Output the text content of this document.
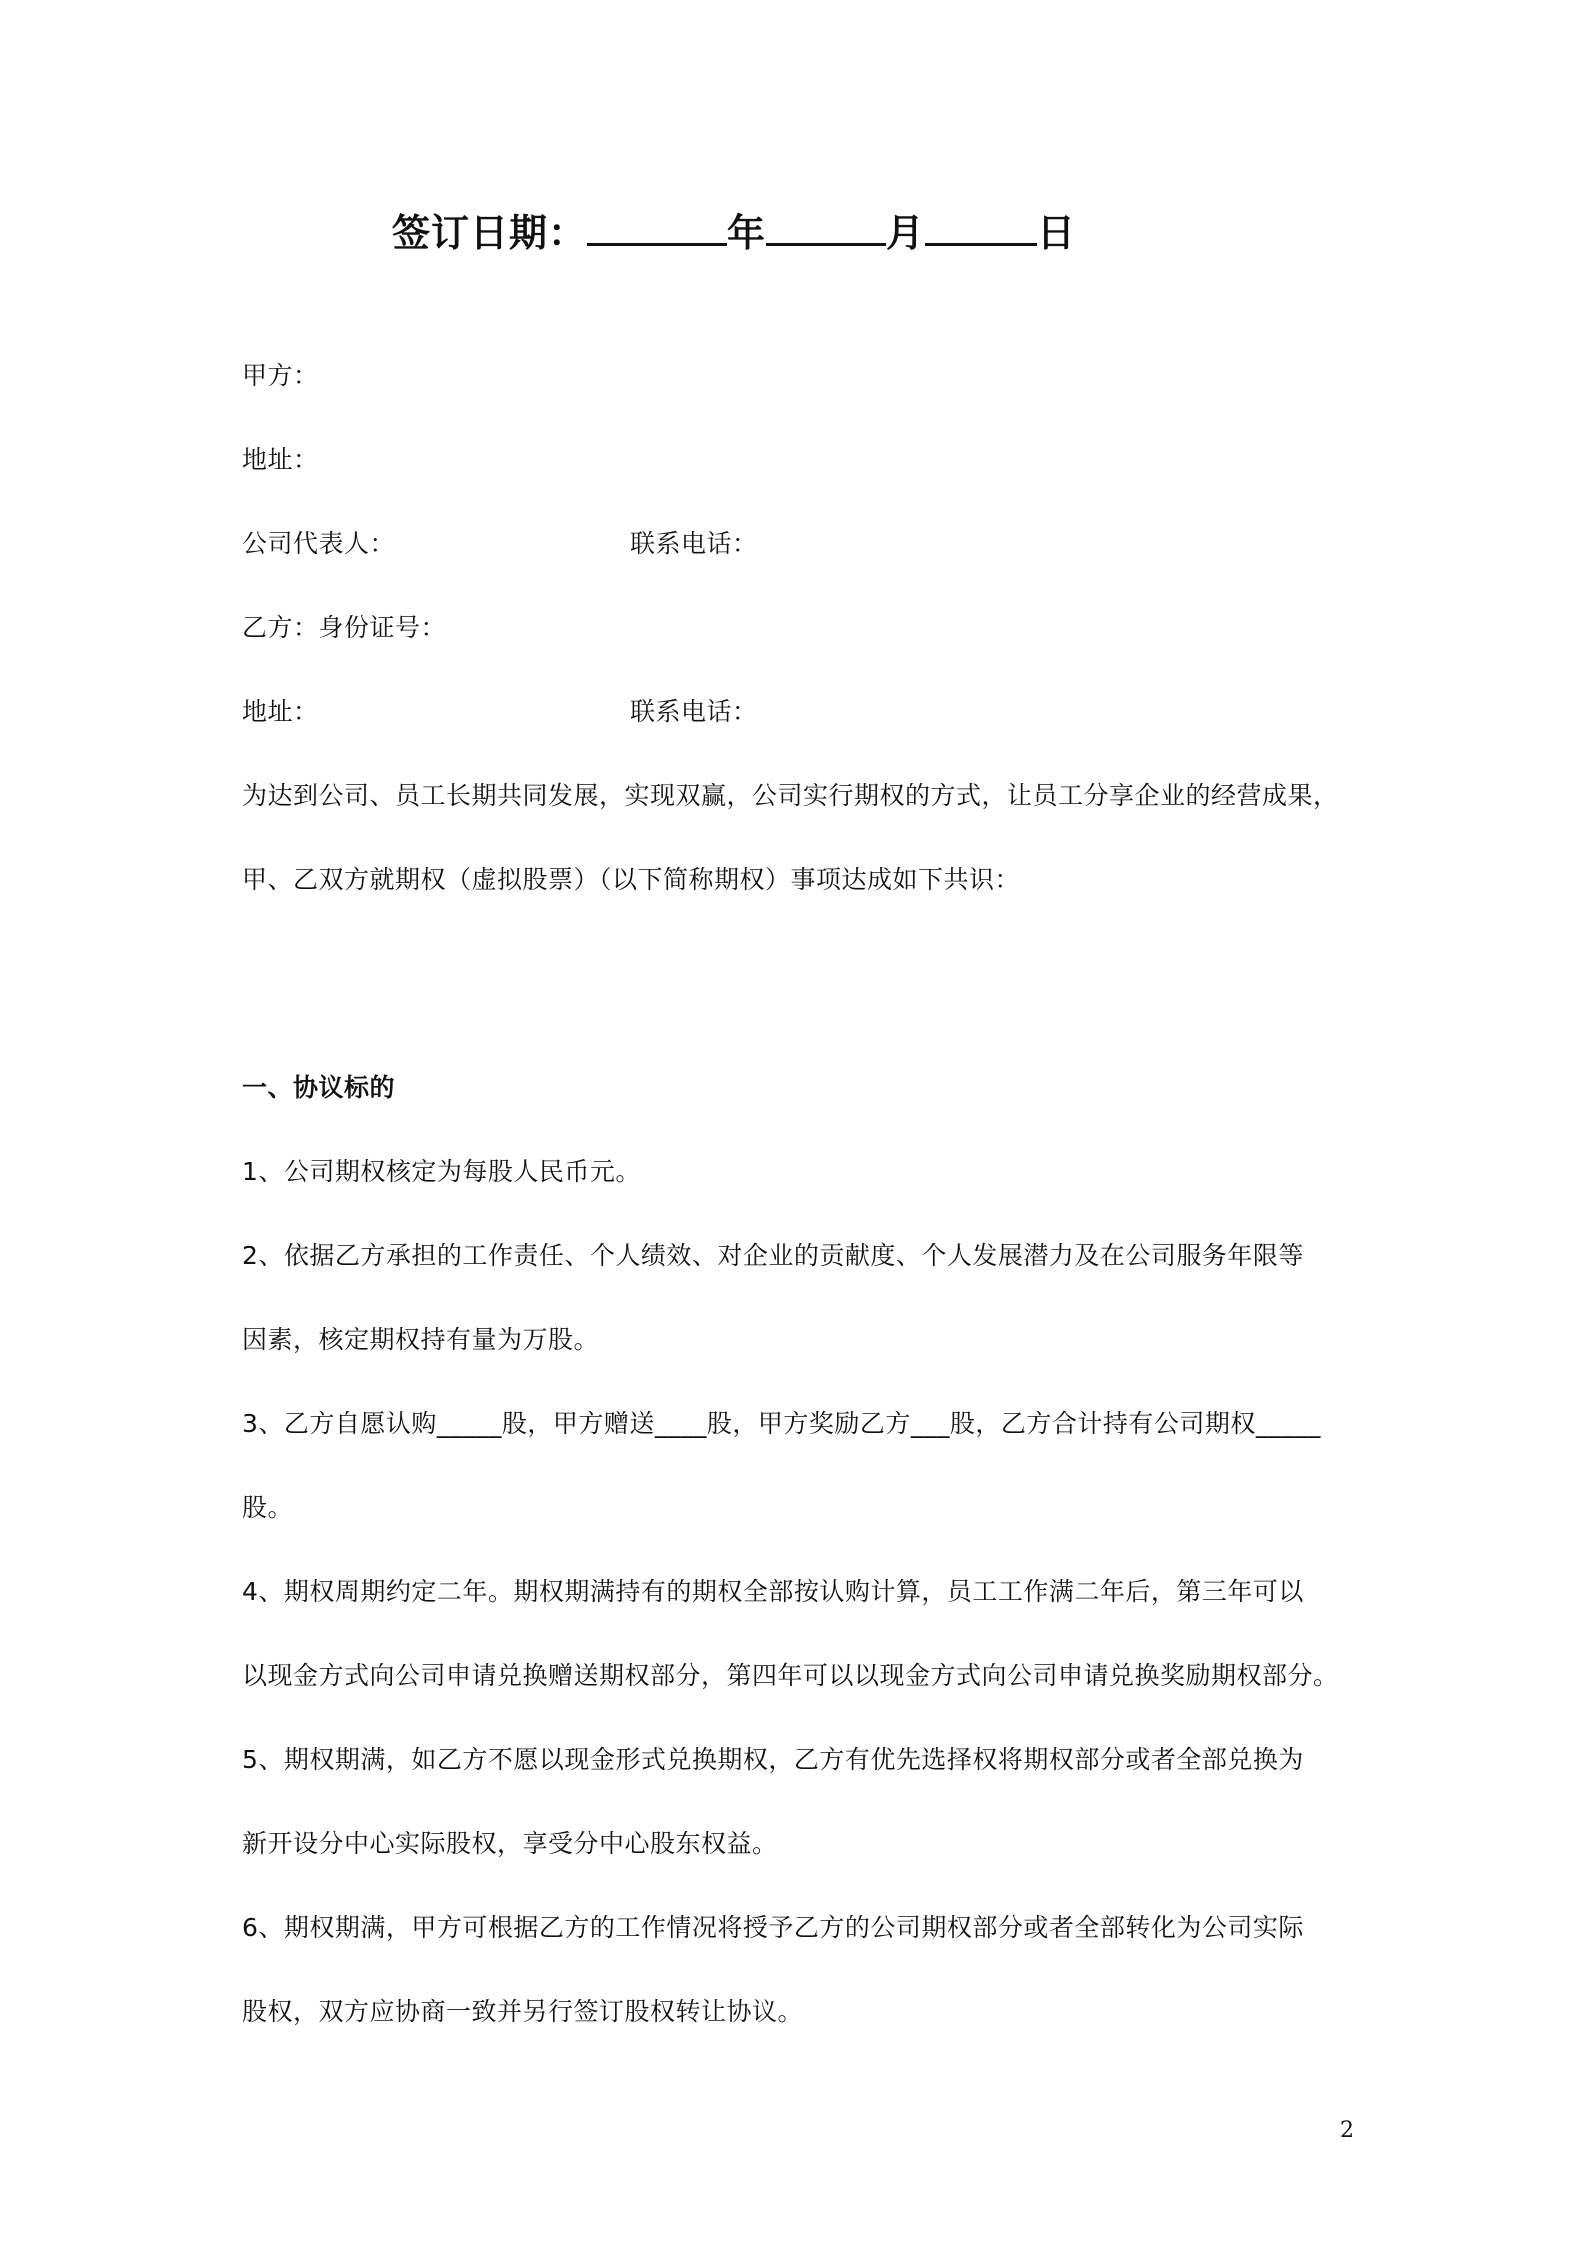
签订日期：	年	月	日
甲方：
地址：
公司代表人：	联系电话：
乙方：身份证号：
地址：	联系电话：
为达到公司、员工长期共同发展，实现双赢，公司实行期权的方式，让员工分享企业的经营成果，
甲、乙双方就期权（虚拟股票）（以下简称期权）事项达成如下共识：
一、协议标的
1、公司期权核定为每股人民币元。
2、依据乙方承担的工作责任、个人绩效、对企业的贡献度、个人发展潜力及在公司服务年限等
因素，核定期权持有量为万股。
3、乙方自愿认购_____股，甲方赠送____股，甲方奖励乙方___股，乙方合计持有公司期权_____
股。
4、期权周期约定二年。期权期满持有的期权全部按认购计算，员工工作满二年后，第三年可以
以现金方式向公司申请兑换赠送期权部分，第四年可以以现金方式向公司申请兑换奖励期权部分。
5、期权期满，如乙方不愿以现金形式兑换期权，乙方有优先选择权将期权部分或者全部兑换为
新开设分中心实际股权，享受分中心股东权益。
6、期权期满，甲方可根据乙方的工作情况将授予乙方的公司期权部分或者全部转化为公司实际
股权，双方应协商一致并另行签订股权转让协议。
2
